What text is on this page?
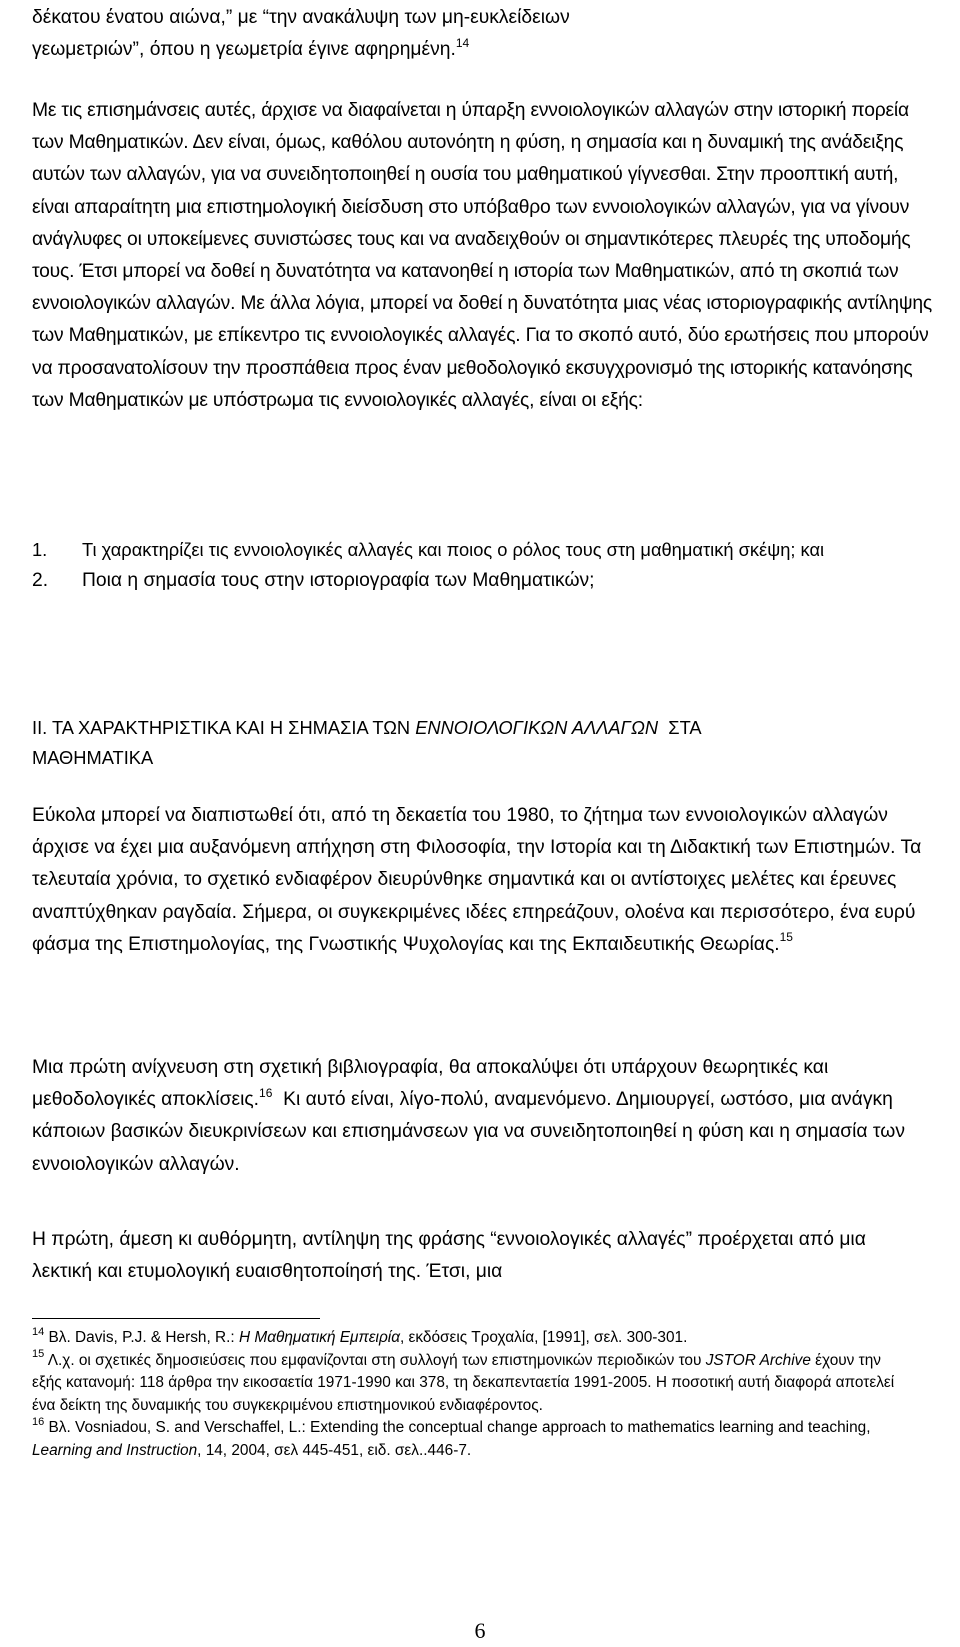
δέκατου ένατου αιώνα,” με “την ανακάλυψη των μη-ευκλείδειων

γεωμετριών”, όπου η γεωμετρία έγινε αφηρημένη.$^{14}$

Με τις επισημάνσεις αυτές, άρχισε να διαφαίνεται η ύπαρξη εννοιολογικών αλλαγών στην ιστορική πορεία των Μαθηματικών. Δεν είναι, όμως, καθόλου αυτονόητη η φύση, η σημασία και η δυναμική της ανάδειξης αυτών των αλλαγών, για να συνειδητοποιηθεί η ουσία του μαθηματικού γίγνεσθαι. Στην προοπτική αυτή, είναι απαραίτητη μια επιστημολογική διείσδυση στο υπόβαθρο των εννοιολογικών αλλαγών, για να γίνουν ανάγλυφες οι υποκείμενες συνιστώσες τους και να αναδειχθούν οι σημαντικότερες πλευρές της υποδομής τους. Έτσι μπορεί να δοθεί η δυνατότητα να κατανοηθεί η ιστορία των Μαθηματικών, από τη σκοπιά των εννοιολογικών αλλαγών. Με άλλα λόγια, μπορεί να δοθεί η δυνατότητα μιας νέας ιστοριογραφικής αντίληψης των Μαθηματικών, με επίκεντρο τις εννοιολογικές αλλαγές. Για το σκοπό αυτό, δύο ερωτήσεις που μπορούν να προσανατολίσουν την προσπάθεια προς έναν μεθοδολογικό εκσυγχρονισμό της ιστορικής κατανόησης των Μαθηματικών με υπόστρωμα τις εννοιολογικές αλλαγές, είναι οι εξής:

1. Τι χαρακτηρίζει τις εννοιολογικές αλλαγές και ποιος ο ρόλος τους στη μαθηματική σκέψη; και
2. Ποια η σημασία τους στην ιστοριογραφία των Μαθηματικών;

ΙΙ. ΤΑ ΧΑΡΑΚΤΗΡΙΣΤΙΚΑ ΚΑΙ Η ΣΗΜΑΣΙΑ ΤΩΝ ΕΝΝΟΙΟΛΟΓΙΚΩΝ ΑΛΛΑΓΩΝ ΣΤΑ

ΜΑΘΗΜΑΤΙΚΑ

Εύκολα μπορεί να διαπιστωθεί ότι, από τη δεκαετία του 1980, το ζήτημα των εννοιολογικών αλλαγών άρχισε να έχει μια αυξανόμενη απήχηση στη Φιλοσοφία, την Ιστορία και τη Διδακτική των Επιστημών. Τα τελευταία χρόνια, το σχετικό ενδιαφέρον διευρύνθηκε σημαντικά και οι αντίστοιχες μελέτες και έρευνες αναπτύχθηκαν ραγδαία. Σήμερα, οι συγκεκριμένες ιδέες επηρεάζουν, ολοένα και περισσότερο, ένα ευρύ φάσμα της Επιστημολογίας, της Γνωστικής Ψυχολογίας και της Εκπαιδευτικής Θεωρίας.$^{15}$

Μια πρώτη ανίχνευση στη σχετική βιβλιογραφία, θα αποκαλύψει ότι υπάρχουν θεωρητικές και μεθοδολογικές αποκλίσεις.$^{16}$ Κι αυτό είναι, λίγο-πολύ, αναμενόμενο. Δημιουργεί, ωστόσο, μια ανάγκη κάποιων βασικών διευκρινίσεων και επισημάνσεων για να συνειδητοποιηθεί η φύση και η σημασία των εννοιολογικών αλλαγών.

Η πρώτη, άμεση κι αυθόρμητη, αντίληψη της φράσης “εννοιολογικές αλλαγές” προέρχεται από μια λεκτική και ετυμολογική ευαισθητοποίησή της. Έτσι, μια

$^{14}$ Βλ. Davis, P.J. & Hersh, R.: Η Μαθηματική Εμπειρία, εκδόσεις Τροχαλία, [1991], σελ. 300-301.

$^{15}$ Λ.χ. οι σχετικές δημοσιεύσεις που εμφανίζονται στη συλλογή των επιστημονικών περιοδικών του JSTOR Archive έχουν την εξής κατανομή: 118 άρθρα την εικοσαετία 1971-1990 και 378, τη δεκαπενταετία 1991-2005. Η ποσοτική αυτή διαφορά αποτελεί ένα δείκτη της δυναμικής του συγκεκριμένου επιστημονικού ενδιαφέροντος.

$^{16}$ Βλ. Vosniadou, S. and Verschaffel, L.: Extending the conceptual change approach to mathematics learning and teaching, Learning and Instruction, 14, 2004, σελ 445-451, ειδ. σελ..446-7.

6
